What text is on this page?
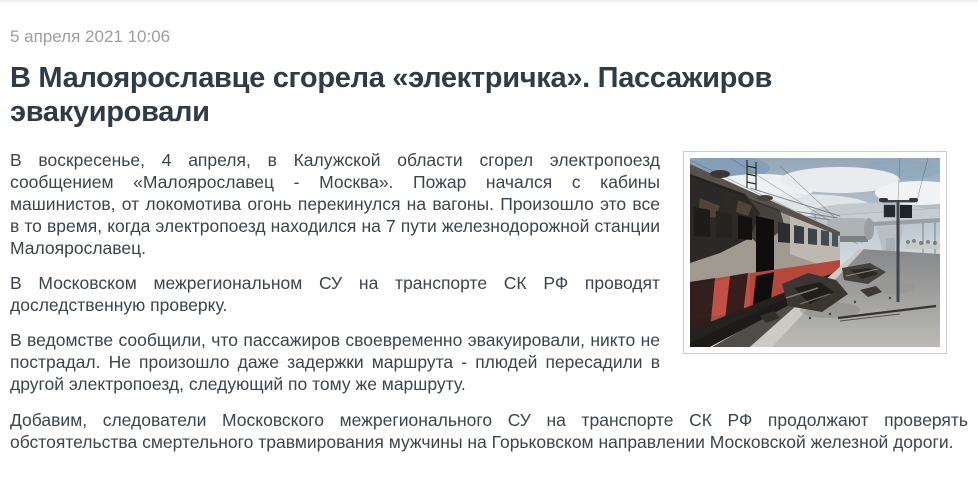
5 апреля 2021 10:06
В Малоярославце сгорела «электричка». Пассажиров эвакуировали

В воскресенье, 4 апреля, в Калужской области сгорел электропоезд сообщением «Малоярославец - Москва». Пожар начался с кабины машинистов, от локомотива огонь перекинулся на вагоны. Произошло это все в то время, когда электропоезд находился на 7 пути железнодорожной станции Малоярославец.

В Московском межрегиональном СУ на транспорте СК РФ проводят доследственную проверку.

В ведомстве сообщили, что пассажиров своевременно эвакуировали, никто не пострадал. Не произошло даже задержки маршрута - плюдей пересадили в другой электропоезд, следующий по тому же маршруту.

Добавим, следователи Московского межрегионального СУ на транспорте СК РФ продолжают проверять обстоятельства смертельного травмирования мужчины на Горьковском направлении Московской железной дороги.
